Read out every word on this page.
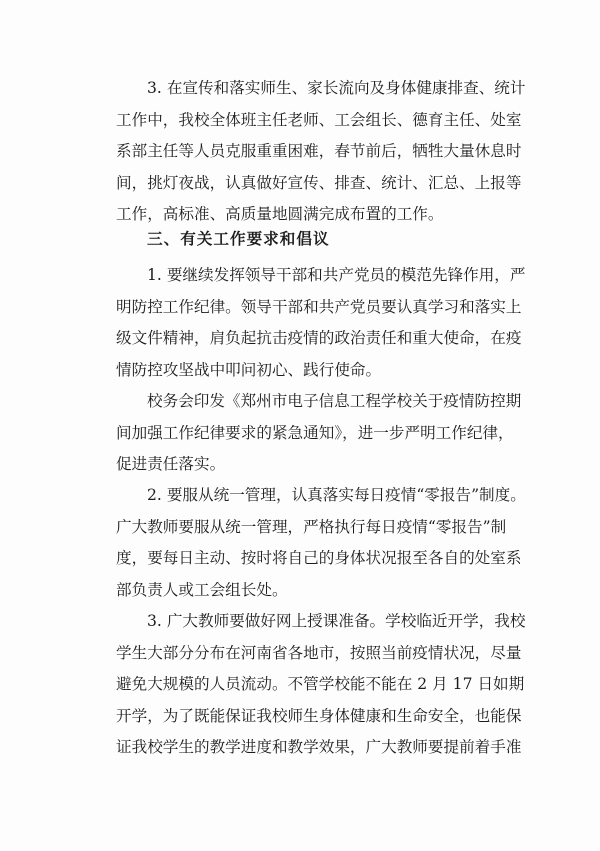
3. 在宣传和落实师生、家长流向及身体健康排查、统计
工作中，我校全体班主任老师、工会组长、德育主任、处室
系部主任等人员克服重重困难，春节前后，牺牲大量休息时
间，挑灯夜战，认真做好宣传、排查、统计、汇总、上报等
工作，高标准、高质量地圆满完成布置的工作。
三、有关工作要求和倡议
1. 要继续发挥领导干部和共产党员的模范先锋作用，严
明防控工作纪律。领导干部和共产党员要认真学习和落实上
级文件精神，肩负起抗击疫情的政治责任和重大使命，在疫
情防控攻坚战中叩问初心、践行使命。
校务会印发《郑州市电子信息工程学校关于疫情防控期
间加强工作纪律要求的紧急通知》，进一步严明工作纪律，
促进责任落实。
2. 要服从统一管理，认真落实每日疫情“零报告”制度。
广大教师要服从统一管理，严格执行每日疫情“零报告”制
度，要每日主动、按时将自己的身体状况报至各自的处室系
部负责人或工会组长处。
3. 广大教师要做好网上授课准备。学校临近开学，我校
学生大部分分布在河南省各地市，按照当前疫情状况，尽量
避免大规模的人员流动。不管学校能不能在 2 月 17 日如期
开学，为了既能保证我校师生身体健康和生命安全，也能保
证我校学生的教学进度和教学效果，广大教师要提前着手准
